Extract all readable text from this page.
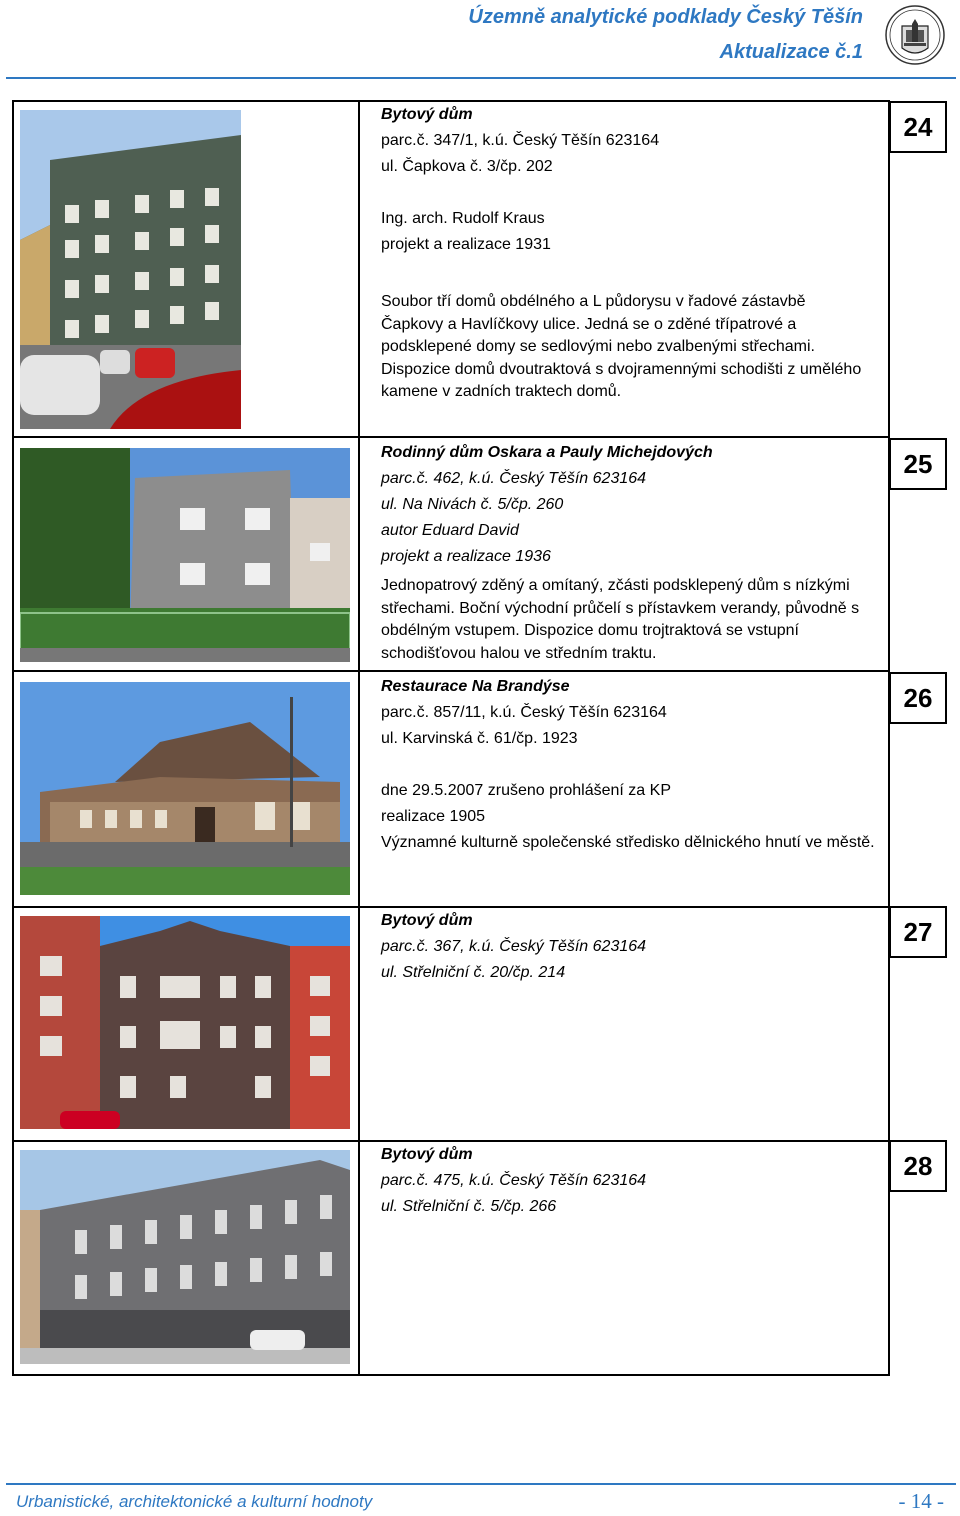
Územně analytické podklady Český Těšín
Aktualizace č.1
Bytový dům
parc.č. 347/1, k.ú. Český Těšín 623164
ul. Čapkova č. 3/čp. 202
Ing. arch. Rudolf Kraus
projekt a realizace 1931
Soubor tří domů obdélného a L půdorysu v řadové zástavbě Čapkovy a Havlíčkovy ulice. Jedná se o zděné třípatrové a podsklepené domy se sedlovými nebo zvalbenými střechami. Dispozice domů dvoutraktová s dvojramennými schodišti z umělého kamene v zadních traktech domů.
24
Rodinný dům Oskara a Pauly Michejdových
parc.č. 462, k.ú. Český Těšín 623164
ul. Na Nivách č. 5/čp. 260
autor Eduard David
projekt a realizace 1936
Jednopatrový zděný a omítaný, zčásti podsklepený dům s nízkými střechami. Boční východní průčelí s přístavkem verandy, původně s obdélným vstupem. Dispozice domu trojtraktová se vstupní schodišťovou halou ve středním traktu.
25
Restaurace Na Brandýse
parc.č. 857/11, k.ú. Český Těšín 623164
ul. Karvinská č. 61/čp. 1923
dne 29.5.2007 zrušeno prohlášení za KP
realizace 1905
Významné kulturně společenské středisko dělnického hnutí ve městě.
26
Bytový dům
parc.č. 367, k.ú. Český Těšín 623164
ul. Střelniční č. 20/čp. 214
27
Bytový dům
parc.č. 475, k.ú. Český Těšín 623164
ul. Střelniční č. 5/čp. 266
28
Urbanistické, architektonické a kulturní hodnoty	- 14 -
